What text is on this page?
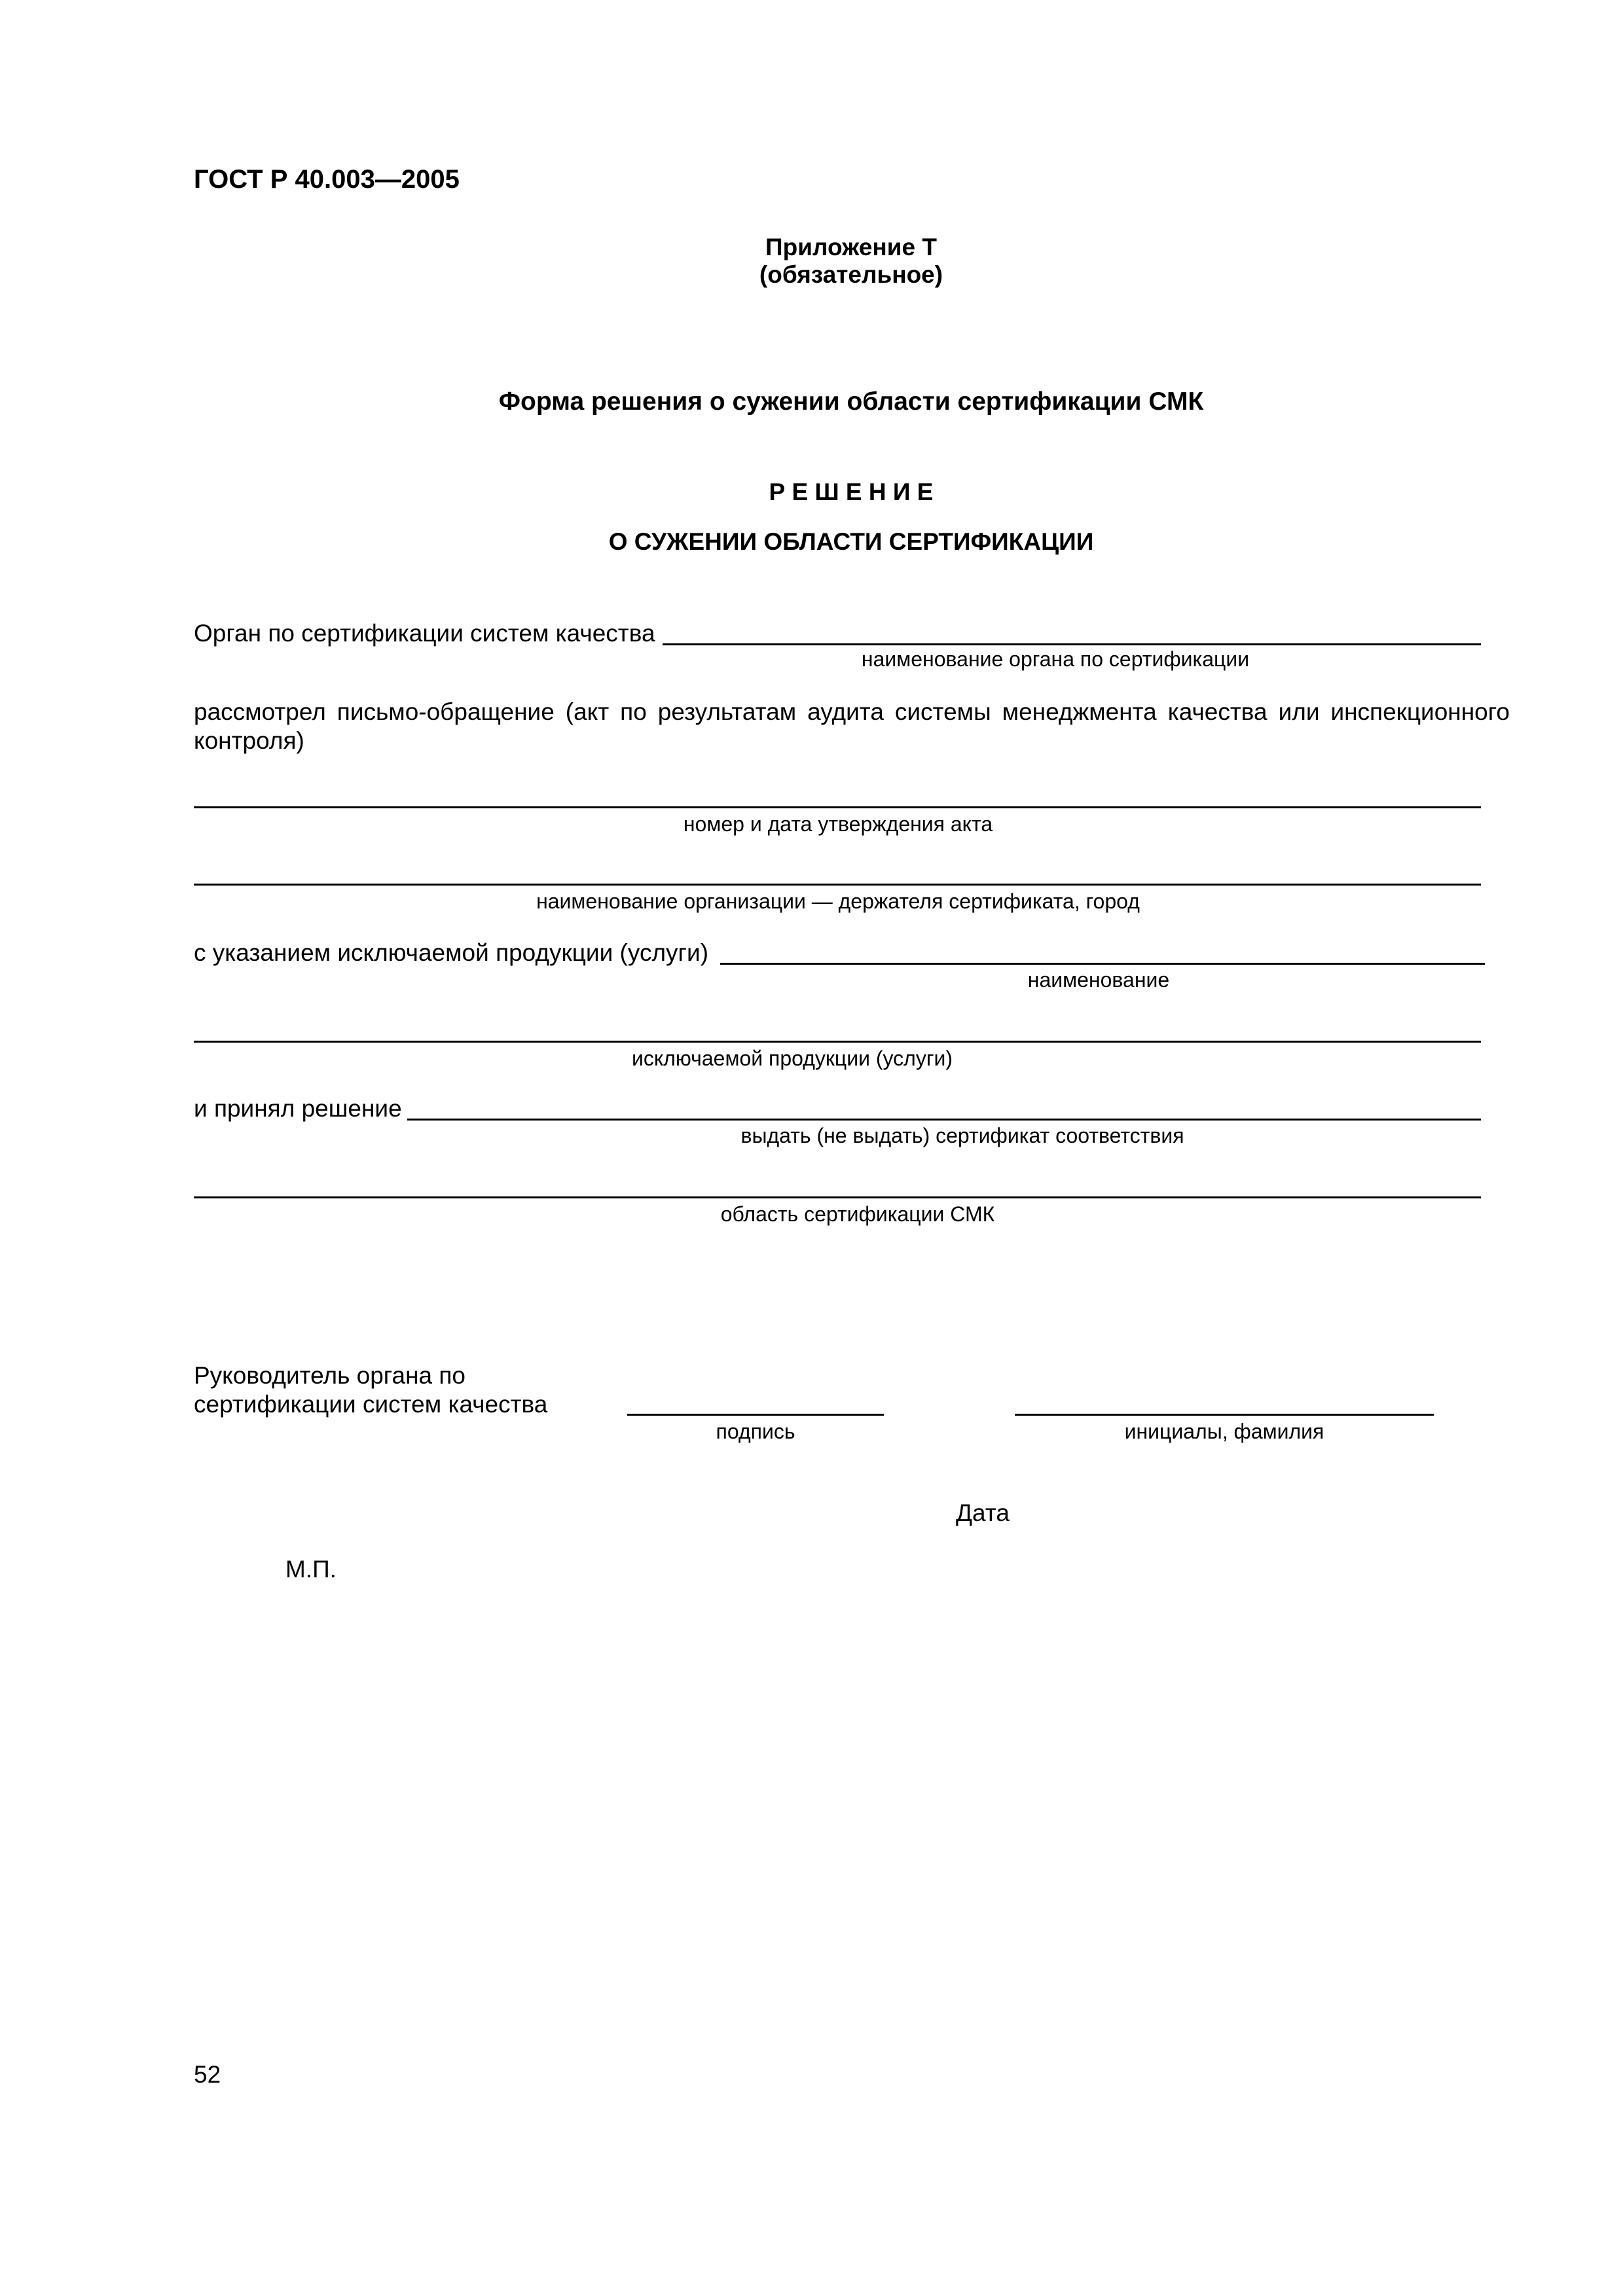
ГОСТ Р 40.003—2005
Приложение Т
(обязательное)
Форма решения о сужении области сертификации СМК
Р Е Ш Е Н И Е
О СУЖЕНИИ ОБЛАСТИ СЕРТИФИКАЦИИ
Орган по сертификации систем качества
наименование органа по сертификации
рассмотрел письмо-обращение (акт по результатам аудита системы менеджмента качества или инспекционного контроля)
номер и дата утверждения акта
наименование организации — держателя сертификата, город
с указанием исключаемой продукции (услуги)
наименование
исключаемой продукции (услуги)
и принял решение
выдать (не выдать) сертификат соответствия
область сертификации СМК
Руководитель органа по
сертификации систем качества
подпись	инициалы, фамилия
Дата
М.П.
52
